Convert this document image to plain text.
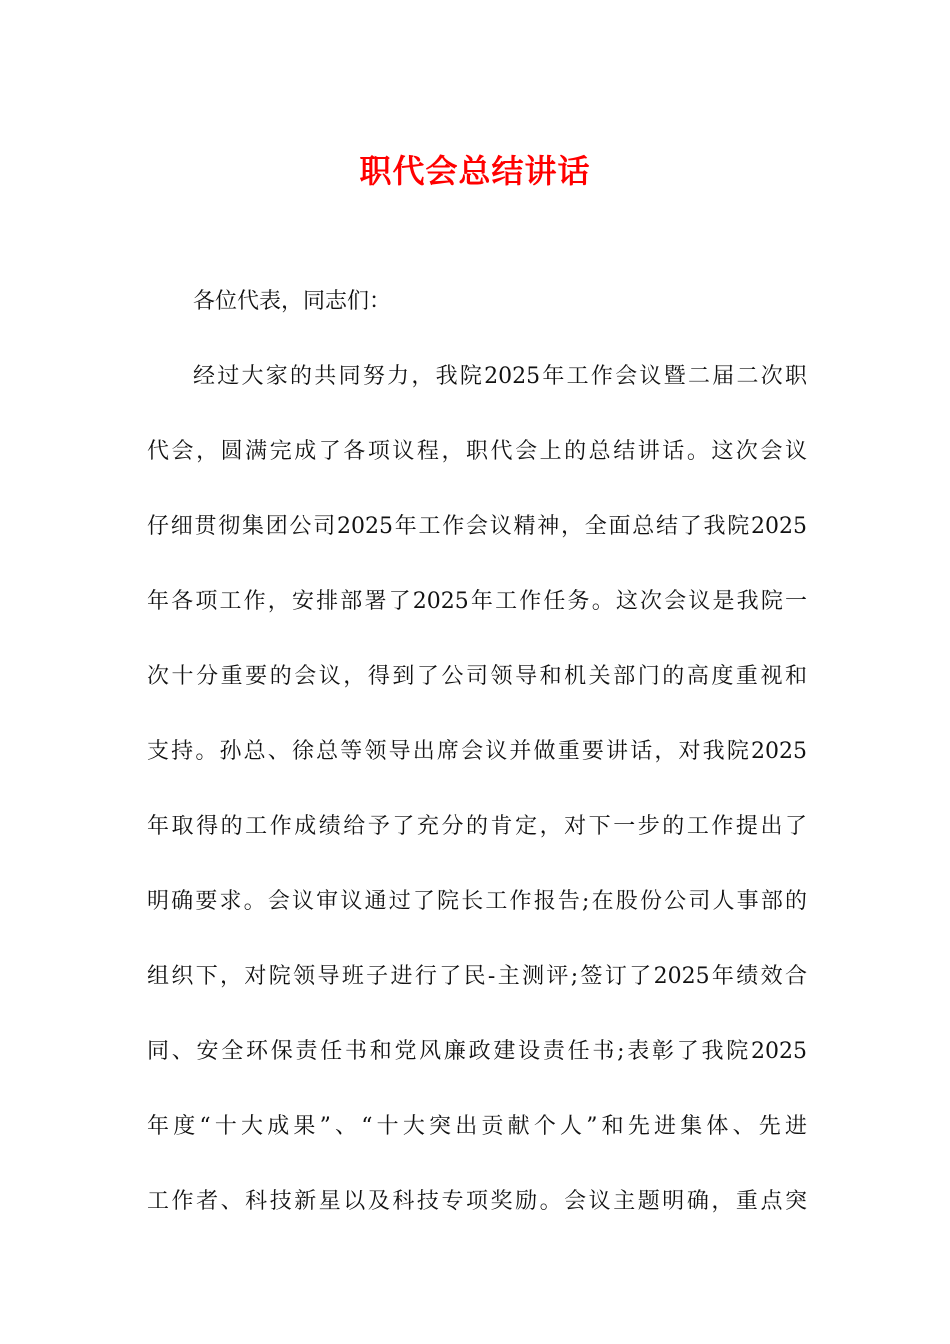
职代会总结讲话
各位代表，同志们：
经过大家的共同努力，我院2025年工作会议暨二届二次职
代会，圆满完成了各项议程，职代会上的总结讲话。这次会议
仔细贯彻集团公司2025年工作会议精神，全面总结了我院2025
年各项工作，安排部署了2025年工作任务。这次会议是我院一
次十分重要的会议，得到了公司领导和机关部门的高度重视和
支持。孙总、徐总等领导出席会议并做重要讲话，对我院2025
年取得的工作成绩给予了充分的肯定，对下一步的工作提出了
明确要求。会议审议通过了院长工作报告;在股份公司人事部的
组织下，对院领导班子进行了民-主测评;签订了2025年绩效合
同、安全环保责任书和党风廉政建设责任书;表彰了我院2025
年度“十大成果”、“十大突出贡献个人”和先进集体、先进
工作者、科技新星以及科技专项奖励。会议主题明确，重点突
